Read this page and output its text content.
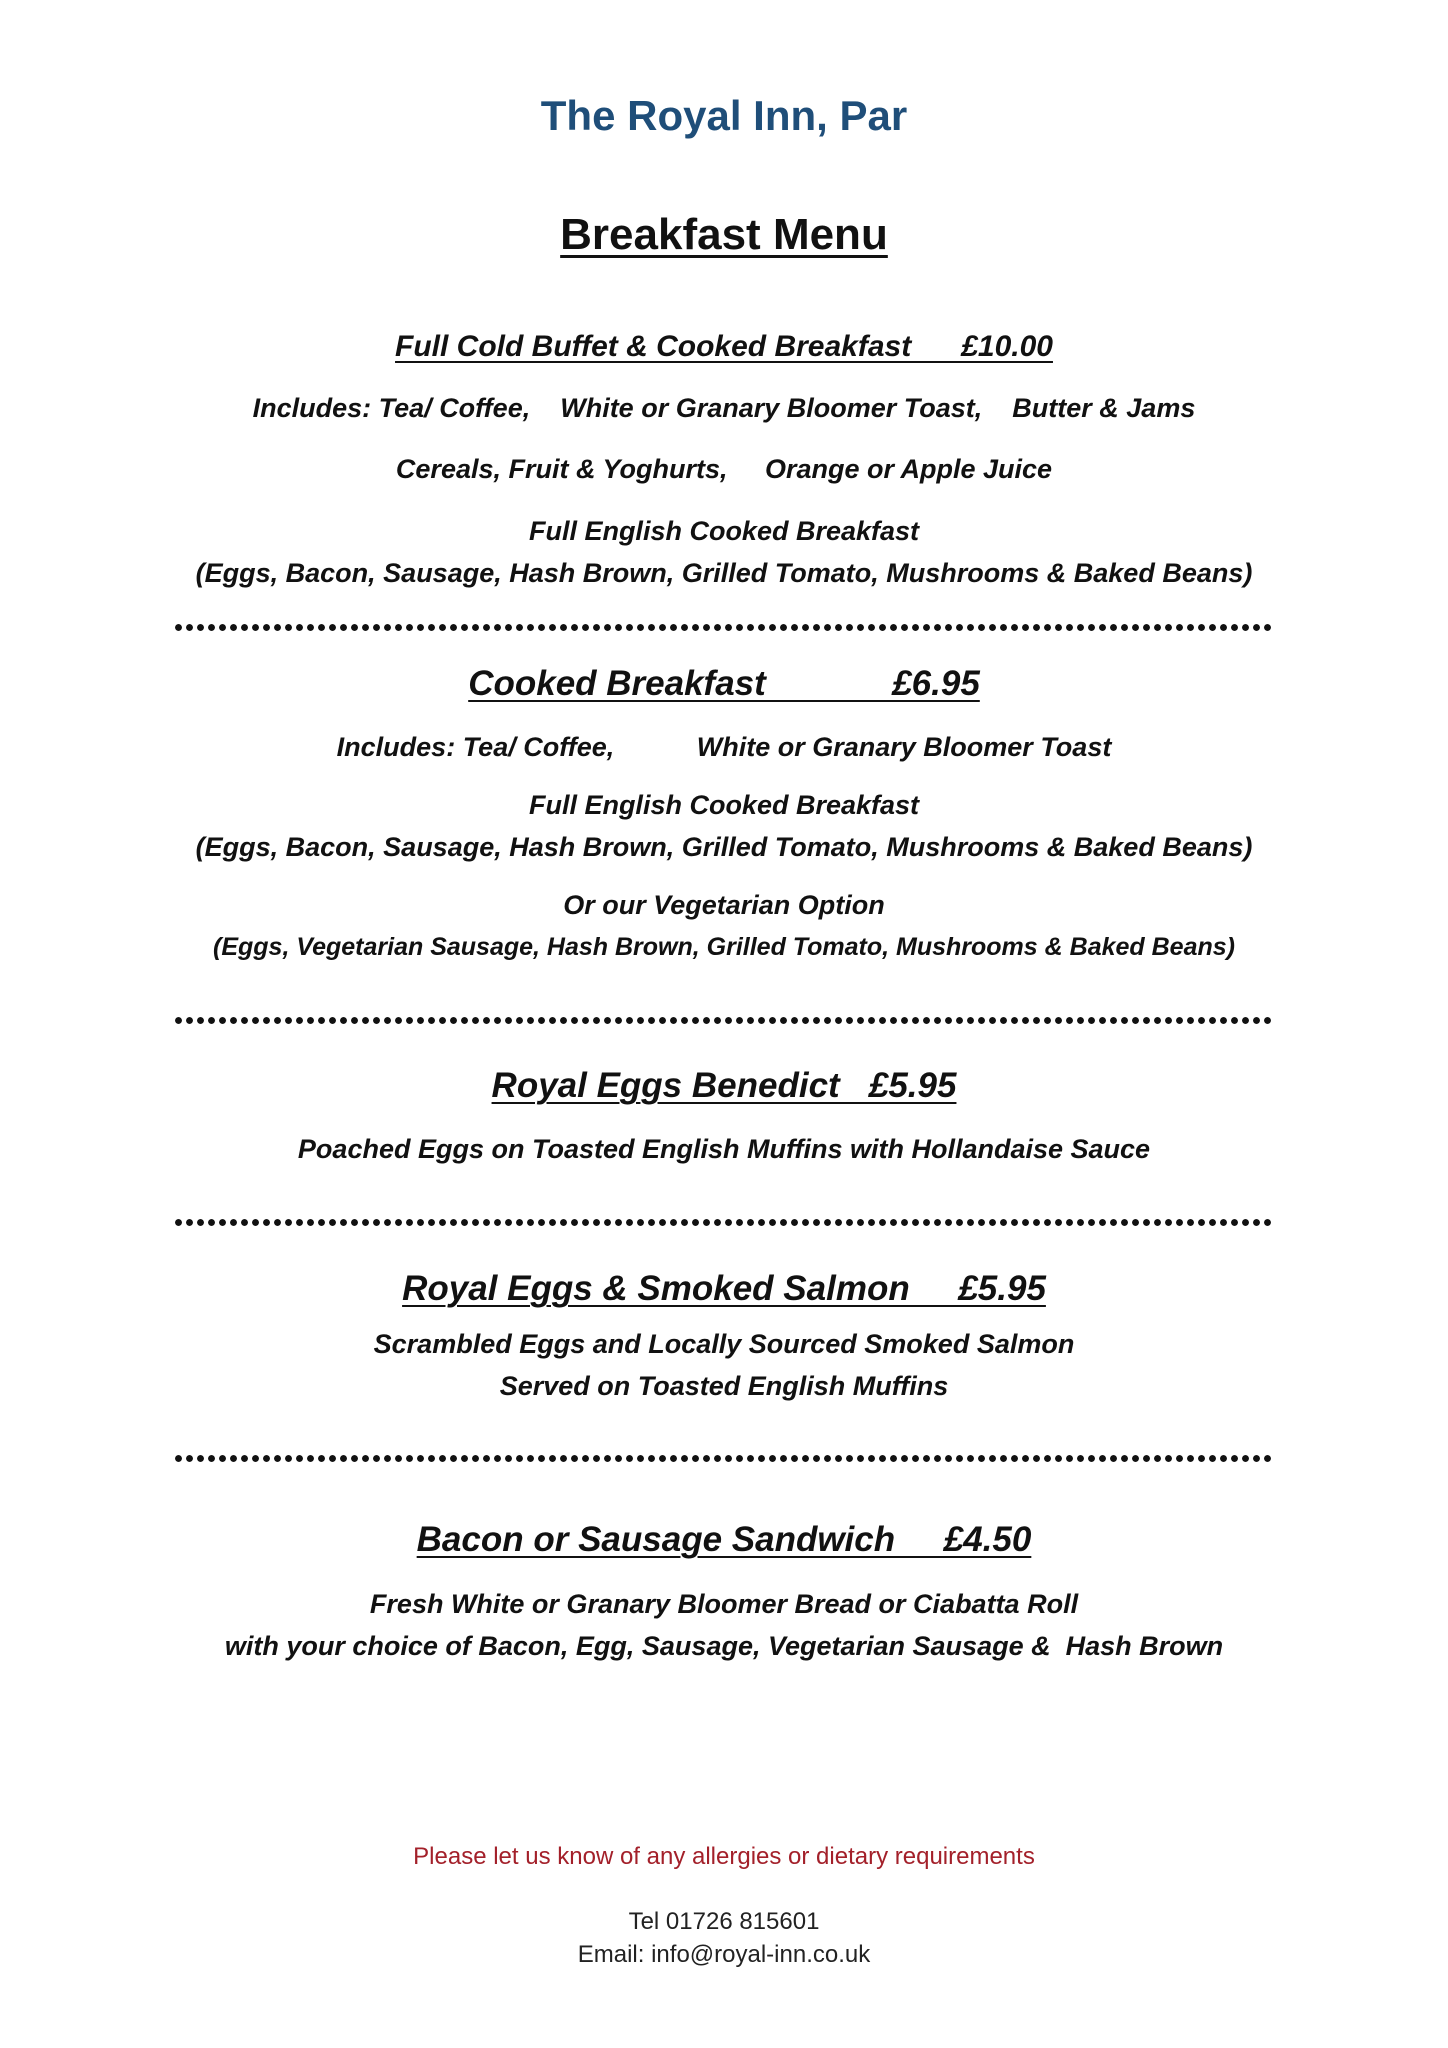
The Royal Inn, Par
Breakfast Menu
Full Cold Buffet & Cooked Breakfast      £10.00
Includes: Tea/ Coffee,    White or Granary Bloomer Toast,    Butter & Jams
Cereals, Fruit & Yoghurts,     Orange or Apple Juice
Full English Cooked Breakfast
(Eggs, Bacon, Sausage, Hash Brown, Grilled Tomato, Mushrooms & Baked Beans)
Cooked Breakfast             £6.95
Includes: Tea/ Coffee,           White or Granary Bloomer Toast
Full English Cooked Breakfast
(Eggs, Bacon, Sausage, Hash Brown, Grilled Tomato, Mushrooms & Baked Beans)
Or our Vegetarian Option
(Eggs, Vegetarian Sausage, Hash Brown, Grilled Tomato, Mushrooms & Baked Beans)
Royal Eggs Benedict   £5.95
Poached Eggs on Toasted English Muffins with Hollandaise Sauce
Royal Eggs & Smoked Salmon     £5.95
Scrambled Eggs and Locally Sourced Smoked Salmon
Served on Toasted English Muffins
Bacon or Sausage Sandwich     £4.50
Fresh White or Granary Bloomer Bread or Ciabatta Roll
with your choice of Bacon, Egg, Sausage, Vegetarian Sausage &  Hash Brown
Please let us know of any allergies or dietary requirements
Tel 01726 815601
Email: info@royal-inn.co.uk
